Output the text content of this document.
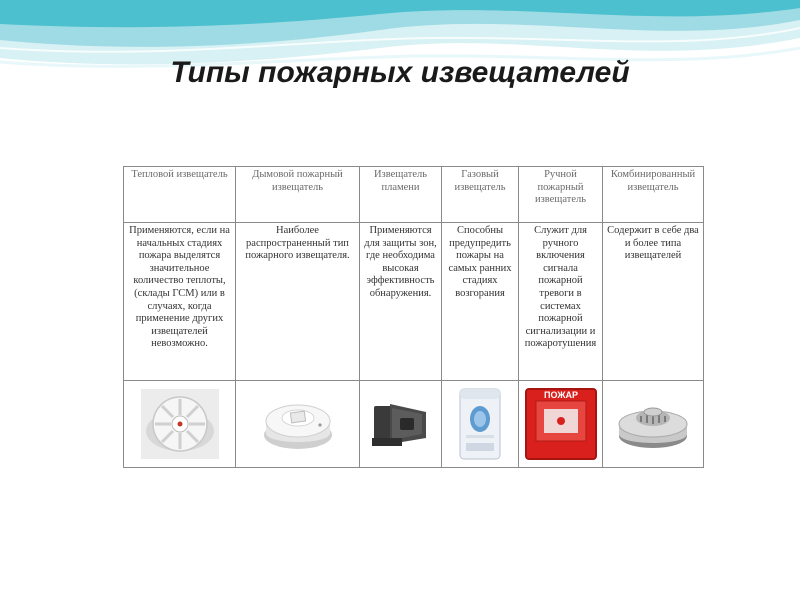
Типы пожарных извещателей
Тепловой извещатель	Дымовой пожарный извещатель	Извещатель пламени	Газовый извещатель	Ручной пожарный извещатель	Комбинированный извещатель
Применяются, если на начальных стадиях пожара выделятся значительное количество теплоты, (склады ГСМ) или в случаях, когда применение других извещателей невозможно.	Наиболее распространенный тип пожарного извещателя.	Применяются для защиты зон, где необходима высокая эффективность обнаружения.	Способны предупредить пожары на самых ранних стадиях возгорания	Служит для ручного включения сигнала пожарной тревоги в системах пожарной сигнализации и пожаротушения	Содержит в себе два и более типа извещателей

ПОЖАР
